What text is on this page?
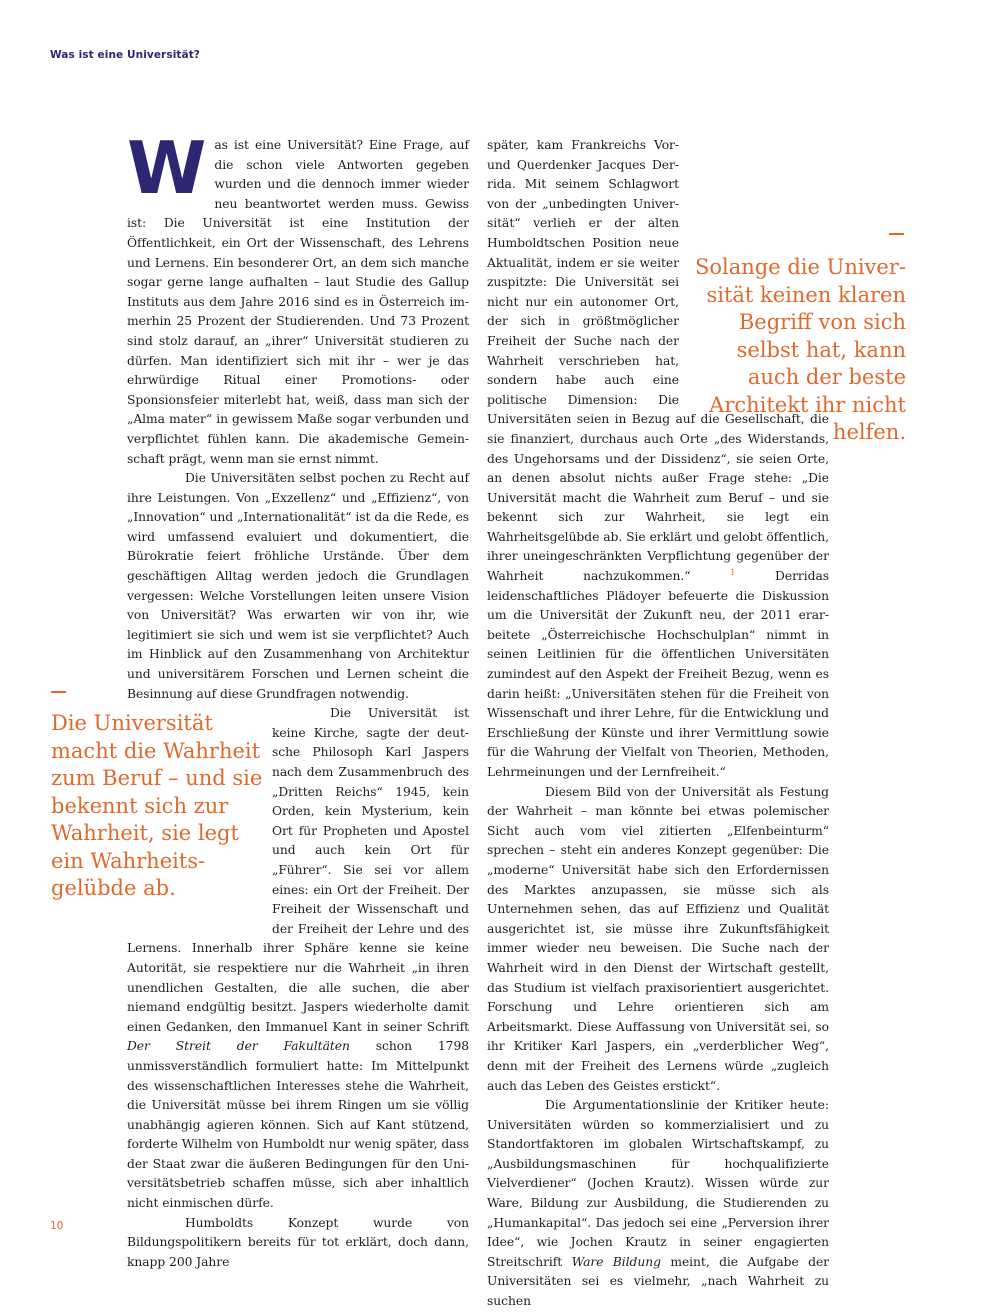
Was ist eine Universität?
W as ist eine Universität? Eine Frage, auf die schon viele Antworten gegeben wurden und die dennoch immer wieder neu beantwortet werden muss. Gewiss ist: Die Universität ist eine Institution der Öffentlichkeit, ein Ort der Wissenschaft, des Lehrens und Lernens. Ein besonderer Ort, an dem sich manche sogar gerne lange aufhalten – laut Studie des Gallup Instituts aus dem Jahre 2016 sind es in Österreich immerhin 25 Prozent der Studierenden. Und 73 Prozent sind stolz darauf, an „ihrer“ Universität studieren zu dürfen. Man identifiziert sich mit ihr – wer je das ehrwürdige Ritual einer Promotions- oder Sponsionsfeier miterlebt hat, weiß, dass man sich der „Alma mater“ in gewissem Maße sogar verbunden und verpflichtet fühlen kann. Die akademische Gemeinschaft prägt, wenn man sie ernst nimmt.

Die Universitäten selbst pochen zu Recht auf ihre Leistungen. Von „Exzellenz“ und „Effizienz“, von „Innovation“ und „Internationalität“ ist da die Rede, es wird umfassend evaluiert und dokumentiert, die Bürokratie feiert fröhliche Urstände. Über dem geschäftigen Alltag werden jedoch die Grundlagen vergessen: Welche Vorstellungen leiten unsere Vision von Universität? Was erwarten wir von ihr, wie legitimiert sie sich und wem ist sie verpflichtet? Auch im Hinblick auf den Zusammenhang von Architektur und universitärem Forschen und Lernen scheint die Besinnung auf diese Grundfragen notwendig.

Die Universität ist keine Kirche, sagte der deutsche Philosoph Karl Jaspers nach dem Zusammenbruch des „Dritten Reichs“ 1945, kein Orden, kein Mysterium, kein Ort für Propheten und Apostel und auch kein Ort für „Führer“. Sie sei vor allem eines: ein Ort der Freiheit. Der Freiheit der Wissenschaft und der Freiheit der Lehre und des Lernens. Innerhalb ihrer Sphäre kenne sie keine Autorität, sie respektiere nur die Wahrheit „in ihren unendlichen Gestalten, die alle suchen, die aber niemand endgültig besitzt. Jaspers wiederholte damit einen Gedanken, den Immanuel Kant in seiner Schrift Der Streit der Fakultäten schon 1798 unmissverständlich formuliert hatte: Im Mittelpunkt des wissenschaftlichen Interesses stehe die Wahrheit, die Universität müsse bei ihrem Ringen um sie völlig unabhängig agieren können. Sich auf Kant stützend, forderte Wilhelm von Humboldt nur wenig später, dass der Staat zwar die äußeren Bedingungen für den Universitätsbetrieb schaffen müsse, sich aber inhaltlich nicht einmischen dürfe.

Humboldts Konzept wurde von Bildungspolitikern bereits für tot erklärt, doch dann, knapp 200 Jahre

später, kam Frankreichs Vor- und Querdenker Jacques Derrida. Mit seinem Schlagwort von der „unbedingten Universität“ verlieh er der alten Humboldtschen Position neue Aktualität, indem er sie weiter zuspitzte: Die Universität sei nicht nur ein autonomer Ort, der sich in größtmöglicher Freiheit der Suche nach der Wahrheit verschrieben hat, sondern habe auch eine politische Dimension: Die Universitäten seien in Bezug auf die Gesellschaft, die sie finanziert, durchaus auch Orte „des Widerstands, des Ungehorsams und der Dissidenz“, sie seien Orte, an denen absolut nichts außer Frage stehe: „Die Universität macht die Wahrheit zum Beruf – und sie bekennt sich zur Wahrheit, sie legt ein Wahrheitsgelübde ab. Sie erklärt und gelobt öffentlich, ihrer uneingeschränkten Verpflichtung gegenüber der Wahrheit nachzukommen.“	$^1$	Derridas leidenschaftliches Plädoyer befeuerte die Diskussion um die Universität der Zukunft neu, der 2011 erarbeitete „Österreichische Hochschulplan“ nimmt in seinen Leitlinien für die öffentlichen Universitäten zumindest auf den Aspekt der Freiheit Bezug, wenn es darin heißt: „Universitäten stehen für die Freiheit von Wissenschaft und ihrer Lehre, für die Entwicklung und Erschließung der Künste und ihrer Vermittlung sowie für die Wahrung der Vielfalt von Theorien, Methoden, Lehrmeinungen und der Lernfreiheit.“

Diesem Bild von der Universität als Festung der Wahrheit – man könnte bei etwas polemischer Sicht auch vom viel zitierten „Elfenbeinturm“ sprechen – steht ein anderes Konzept gegenüber: Die „moderne“ Universität habe sich den Erfordernissen des Marktes anzupassen, sie müsse sich als Unternehmen sehen, das auf Effizienz und Qualität ausgerichtet ist, sie müsse ihre Zukunftsfähigkeit immer wieder neu beweisen. Die Suche nach der Wahrheit wird in den Dienst der Wirtschaft gestellt, das Studium ist vielfach praxisorientiert ausgerichtet. Forschung und Lehre orientieren sich am Arbeitsmarkt. Diese Auffassung von Universität sei, so ihr Kritiker Karl Jaspers, ein „verderblicher Weg“, denn mit der Freiheit des Lernens würde „zugleich auch das Leben des Geistes erstickt“.

Die Argumentationslinie der Kritiker heute: Universitäten würden so kommerzialisiert und zu Standortfaktoren im globalen Wirtschaftskampf, zu „Ausbildungsmaschinen für hochqualifizierte Vielverdiener“ (Jochen Krautz). Wissen würde zur Ware, Bildung zur Ausbildung, die Studierenden zu „Humankapital“. Das jedoch sei eine „Perversion ihrer Idee“, wie Jochen Krautz in seiner engagierten Streitschrift Ware Bildung meint, die Aufgabe der Universitäten sei es vielmehr, „nach Wahrheit zu suchen

Die Universität macht die Wahrheit zum Beruf – und sie bekennt sich zur Wahrheit, sie legt ein Wahrheitsgelübde ab.
Solange die Universität keinen klaren Begriff von sich selbst hat, kann auch der beste Architekt ihr nicht helfen.
10
